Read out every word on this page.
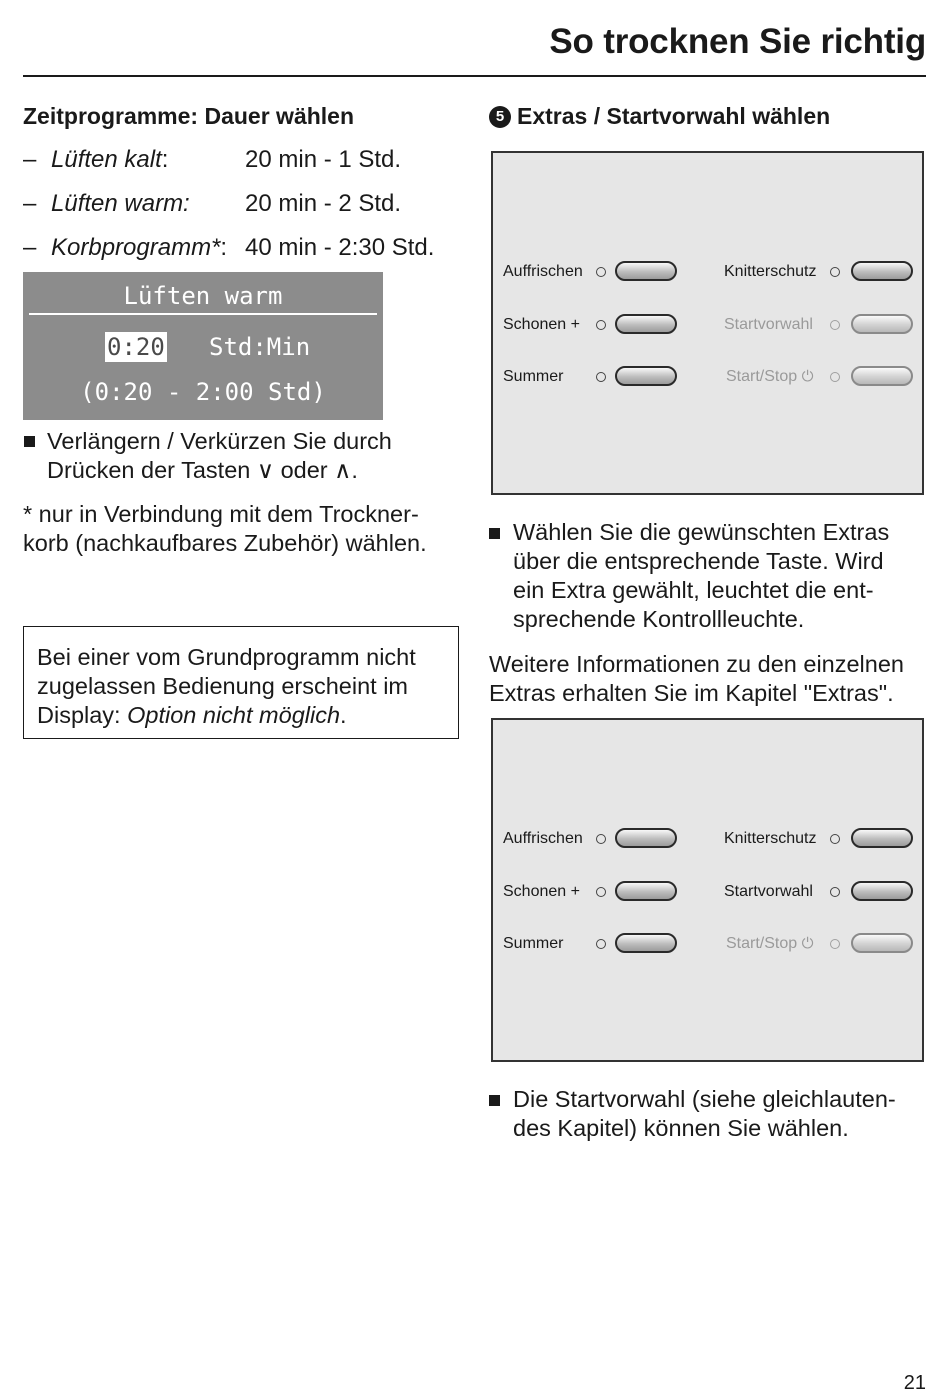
So trocknen Sie richtig
Zeitprogramme: Dauer wählen
– Lüften kalt:	20 min - 1 Std.
– Lüften warm: 20 min - 2 Std.
– Korbprogramm*: 40 min - 2:30 Std.
Lüften warm
0:20 Std:Min
(0:20 - 2:00 Std)
Verlängern / Verkürzen Sie durch
Drücken der Tasten ∨ oder ∧.
* nur in Verbindung mit dem Trockner-
korb (nachkaufbares Zubehör) wählen.
Bei einer vom Grundprogramm nicht
zugelassen Bedienung erscheint im
Display: Option nicht möglich.
5 Extras / Startvorwahl wählen
Auffrischen
Schonen +
Summer
Knitterschutz
Startvorwahl
Start/Stop ⏻
Wählen Sie die gewünschten Extras
über die entsprechende Taste. Wird
ein Extra gewählt, leuchtet die ent-
sprechende Kontrollleuchte.
Weitere Informationen zu den einzelnen
Extras erhalten Sie im Kapitel "Extras".
Auffrischen
Schonen +
Summer
Knitterschutz
Startvorwahl
Start/Stop ⏻
Die Startvorwahl (siehe gleichlauten-
des Kapitel) können Sie wählen.
21
